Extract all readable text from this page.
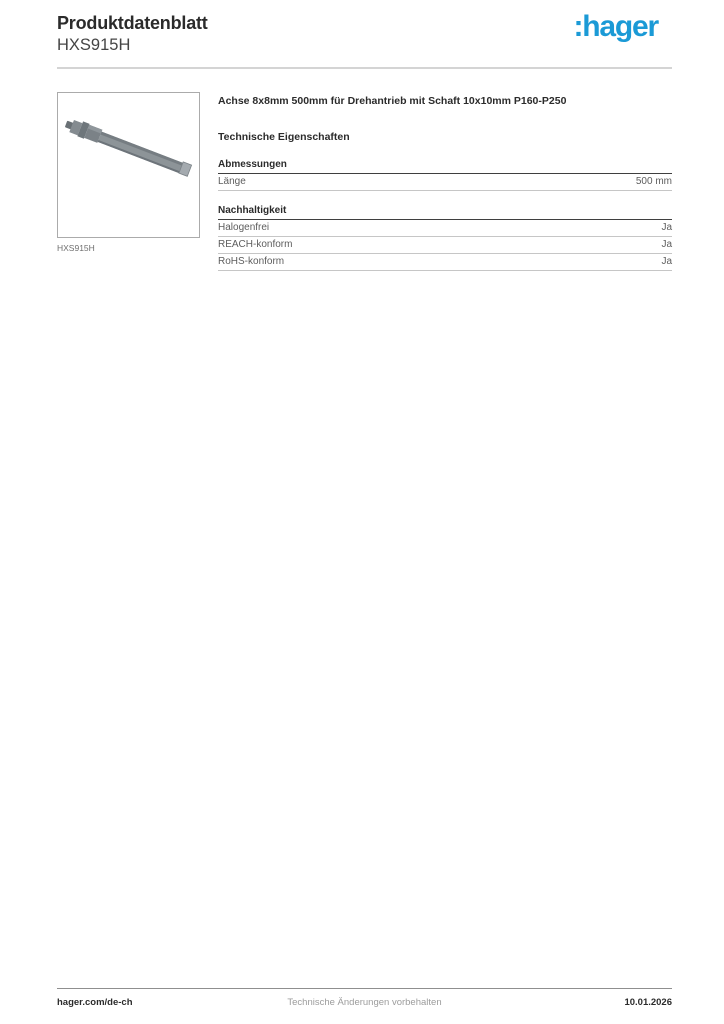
Produktdatenblatt
HXS915H
:hager
HXS915H
Achse 8x8mm 500mm für Drehantrieb mit Schaft 10x10mm P160-P250
Technische Eigenschaften
Abmessungen
Länge	500 mm
Nachhaltigkeit
Halogenfrei	Ja
REACH-konform	Ja
RoHS-konform	Ja
hager.com/de-ch	Technische Änderungen vorbehalten	10.01.2026
